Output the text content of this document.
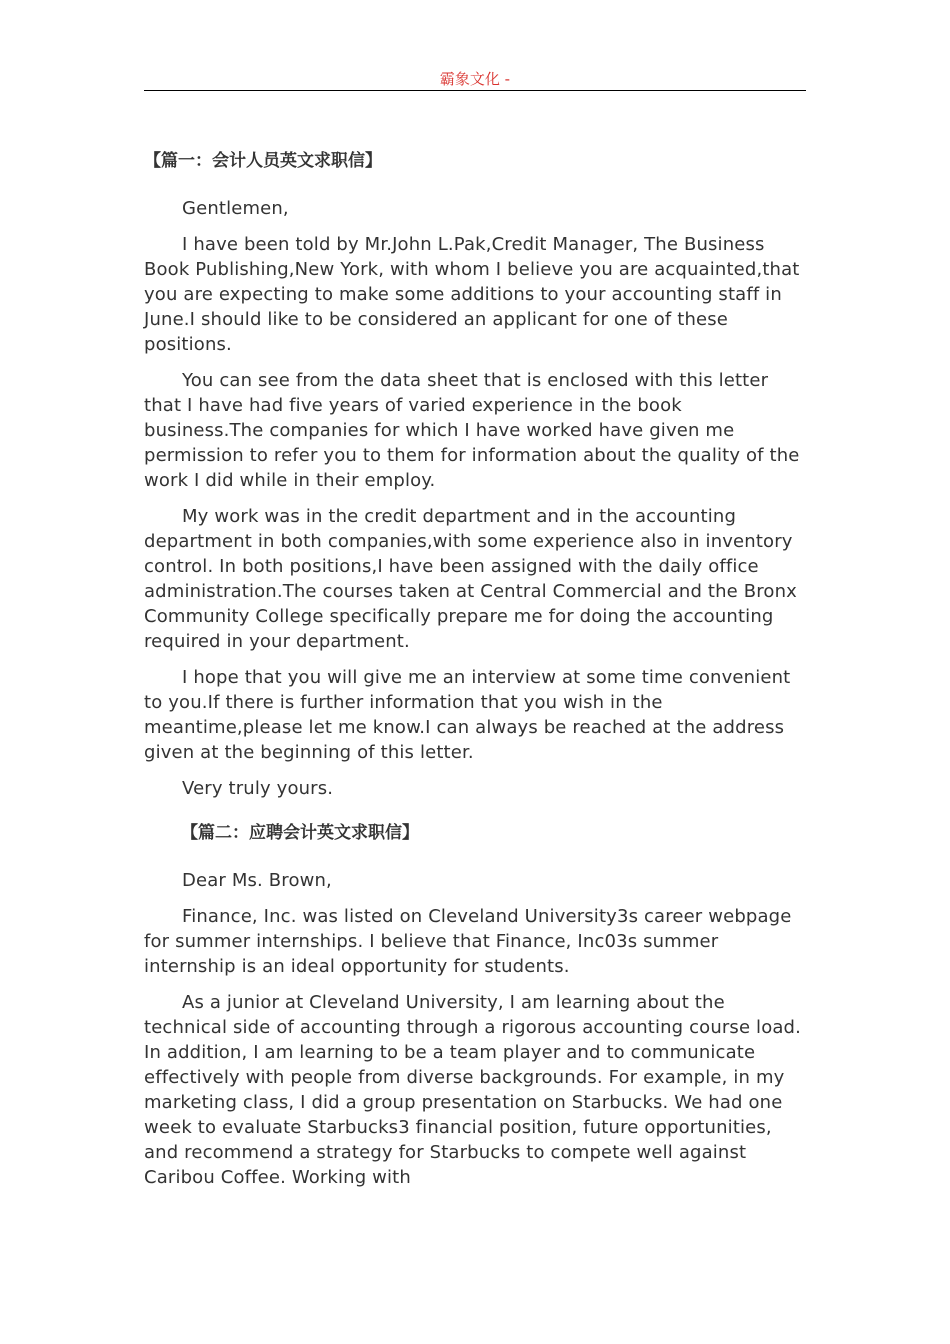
霸象文化 -
【篇一：会计人员英文求职信】

Gentlemen,

I have been told by Mr.John L.Pak,Credit Manager, The Business Book Publishing,New York, with whom I believe you are acquainted,that you are expecting to make some additions to your accounting staff in June.I should like to be considered an applicant for one of these positions.

You can see from the data sheet that is enclosed with this letter that I have had five years of varied experience in the book business.The companies for which I have worked have given me permission to refer you to them for information about the quality of the work I did while in their employ.

My work was in the credit department and in the accounting department in both companies,with some experience also in inventory control. In both positions,I have been assigned with the daily office administration.The courses taken at Central Commercial and the Bronx Community College specifically prepare me for doing the accounting required in your department.

I hope that you will give me an interview at some time convenient to you.If there is further information that you wish in the meantime,please let me know.I can always be reached at the address given at the beginning of this letter.

Very truly yours.

【篇二：应聘会计英文求职信】

Dear Ms. Brown,

Finance, Inc. was listed on Cleveland University3s career webpage for summer internships. I believe that Finance, Inc03s summer internship is an ideal opportunity for students.

As a junior at Cleveland University, I am learning about the technical side of accounting through a rigorous accounting course load. In addition, I am learning to be a team player and to communicate effectively with people from diverse backgrounds. For example, in my marketing class, I did a group presentation on Starbucks. We had one week to evaluate Starbucks3 financial position, future opportunities, and recommend a strategy for Starbucks to compete well against Caribou Coffee. Working with
